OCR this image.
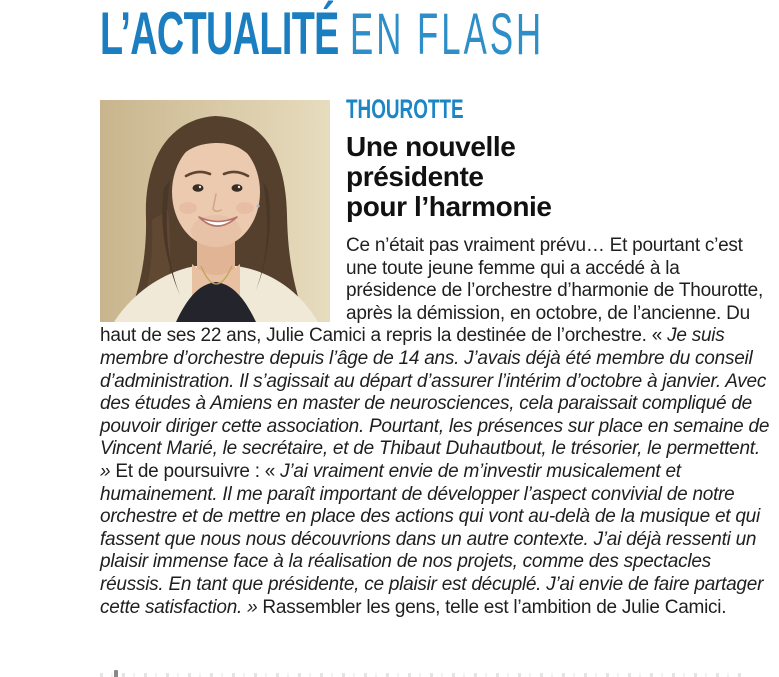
L’ACTUALITÉ EN FLASH
THOUROTTE
Une nouvelle
présidente
pour l’harmonie

Ce n’était pas vraiment prévu… Et pourtant c’est une toute jeune femme qui a accédé à la présidence de l’orchestre d’harmonie de Thourotte, après la démission, en octobre, de l’ancienne. Du haut de ses 22 ans, Julie Camici a repris la destinée de l’orchestre. « Je suis membre d’orchestre depuis l’âge de 14 ans. J’avais déjà été membre du conseil d’administration. Il s’agissait au départ d’assurer l’intérim d’octobre à janvier. Avec des études à Amiens en master de neurosciences, cela paraissait compliqué de pouvoir diriger cette association. Pourtant, les présences sur place en semaine de Vincent Marié, le secrétaire, et de Thibaut Duhautbout, le trésorier, le permettent. » Et de poursuivre : « J’ai vraiment envie de m’investir musicalement et humainement. Il me paraît important de développer l’aspect convivial de notre orchestre et de mettre en place des actions qui vont au-delà de la musique et qui fassent que nous nous découvrions dans un autre contexte. J’ai déjà ressenti un plaisir immense face à la réalisation de nos projets, comme des spectacles réussis. En tant que présidente, ce plaisir est décuplé. J’ai envie de faire partager cette satisfaction. » Rassembler les gens, telle est l’ambition de Julie Camici.
